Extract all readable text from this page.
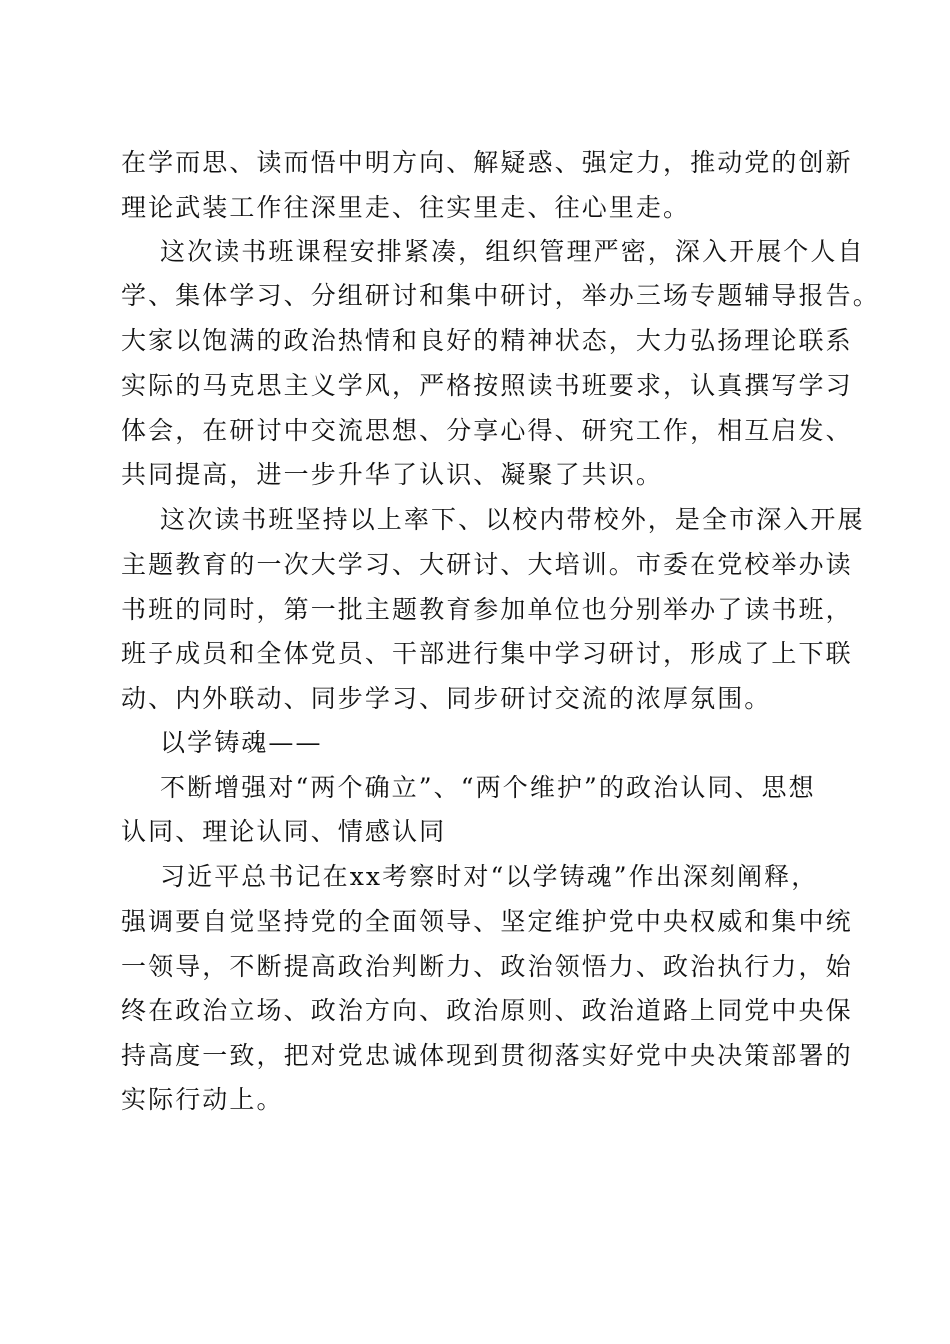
在学而思、读而悟中明方向、解疑惑、强定力，推动党的创新
理论武装工作往深里走、往实里走、往心里走。
这次读书班课程安排紧凑，组织管理严密，深入开展个人自
学、集体学习、分组研讨和集中研讨，举办三场专题辅导报告。
大家以饱满的政治热情和良好的精神状态，大力弘扬理论联系
实际的马克思主义学风，严格按照读书班要求，认真撰写学习
体会，在研讨中交流思想、分享心得、研究工作，相互启发、
共同提高，进一步升华了认识、凝聚了共识。
这次读书班坚持以上率下、以校内带校外，是全市深入开展
主题教育的一次大学习、大研讨、大培训。市委在党校举办读
书班的同时，第一批主题教育参加单位也分别举办了读书班，
班子成员和全体党员、干部进行集中学习研讨，形成了上下联
动、内外联动、同步学习、同步研讨交流的浓厚氛围。
以学铸魂——
不断增强对“两个确立”、“两个维护”的政治认同、思想
认同、理论认同、情感认同
习近平总书记在xx考察时对“以学铸魂”作出深刻阐释，
强调要自觉坚持党的全面领导、坚定维护党中央权威和集中统
一领导，不断提高政治判断力、政治领悟力、政治执行力，始
终在政治立场、政治方向、政治原则、政治道路上同党中央保
持高度一致，把对党忠诚体现到贯彻落实好党中央决策部署的
实际行动上。
